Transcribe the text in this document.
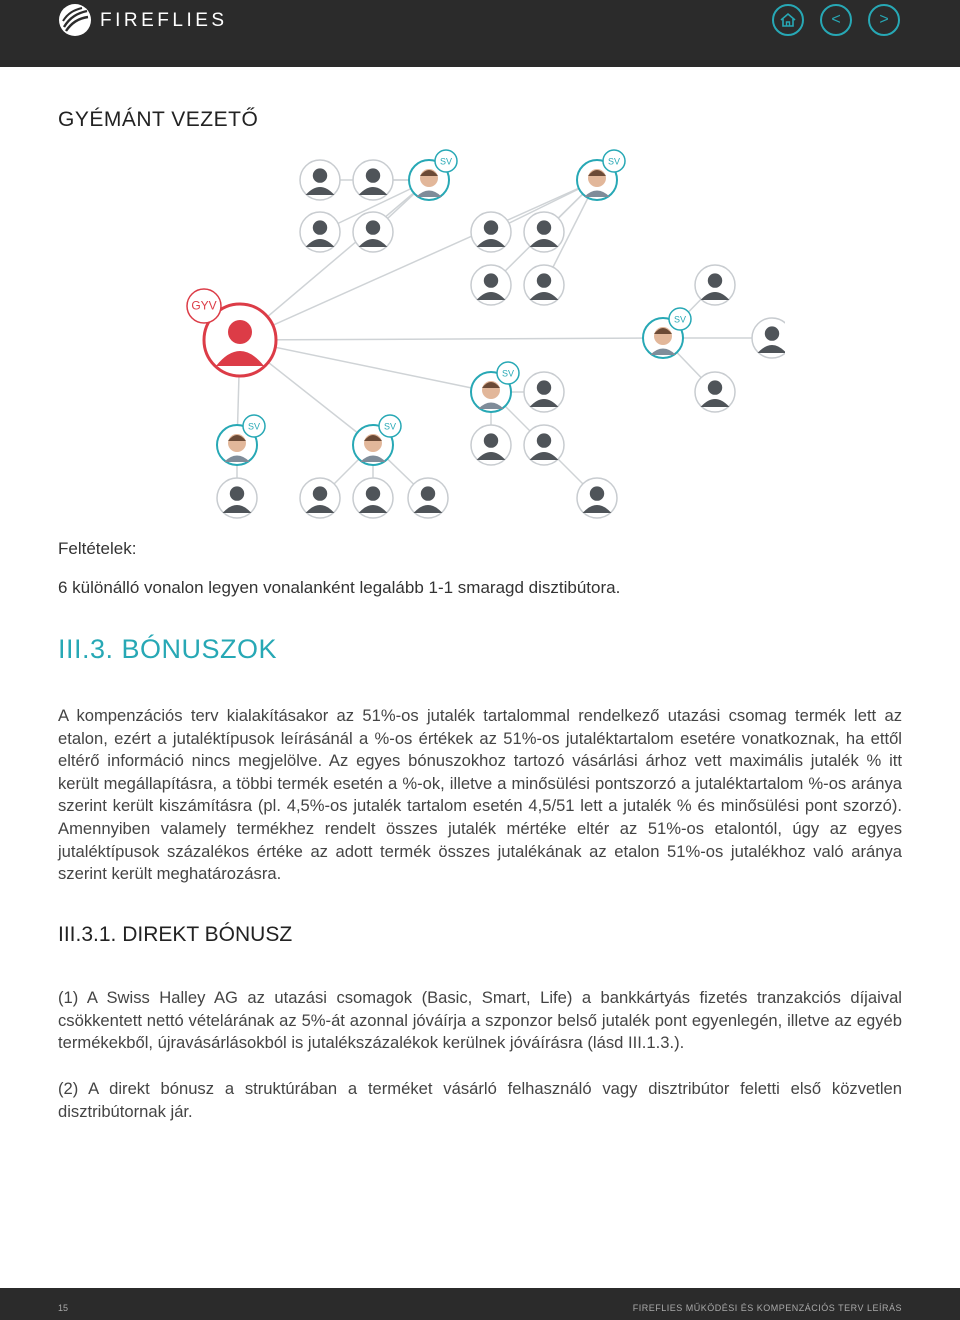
FIREFLIES	<	>
GYÉMÁNT VEZETŐ
SV	SV
SV
SV
SV	SV
GYV
Feltételek:
6 különálló vonalon legyen vonalanként legalább 1-1 smaragd disztibútora.
III.3. BÓNUSZOK
A kompenzációs terv kialakításakor az 51%-os jutalék tartalommal rendelkező utazási csomag termék lett az etalon, ezért a jutaléktípusok leírásánál a %-os értékek az 51%-os jutaléktartalom esetére vonatkoznak, ha ettől eltérő információ nincs megjelölve. Az egyes bónuszokhoz tartozó vásárlási árhoz vett maximális jutalék % itt került megállapításra, a többi termék esetén a %-ok, illetve a minősülési pontszorzó a jutaléktartalom %-os aránya szerint került kiszámításra (pl. 4,5%-os jutalék tartalom esetén 4,5/51 lett a jutalék % és minősülési pont szorzó). Amennyiben valamely termékhez rendelt összes jutalék mértéke eltér az 51%-os etalontól, úgy az egyes jutaléktípusok százalékos értéke az adott termék összes jutalékának az etalon 51%-os jutalékhoz való aránya szerint került meghatározásra.
III.3.1. DIREKT BÓNUSZ
(1) A Swiss Halley AG az utazási csomagok (Basic, Smart, Life) a bankkártyás fizetés tranzakciós díjaival csökkentett nettó vételárának az 5%-át azonnal jóváírja a szponzor belső jutalék pont egyenlegén, illetve az egyéb termékekből, újravásárlásokból is jutalékszázalékok kerülnek jóváírásra (lásd III.1.3.).
(2) A direkt bónusz a struktúrában a terméket vásárló felhasználó vagy disztribútor feletti első közvetlen disztribútornak jár.
15	FIREFLIES MŰKÖDÉSI ÉS KOMPENZÁCIÓS TERV LEÍRÁS
